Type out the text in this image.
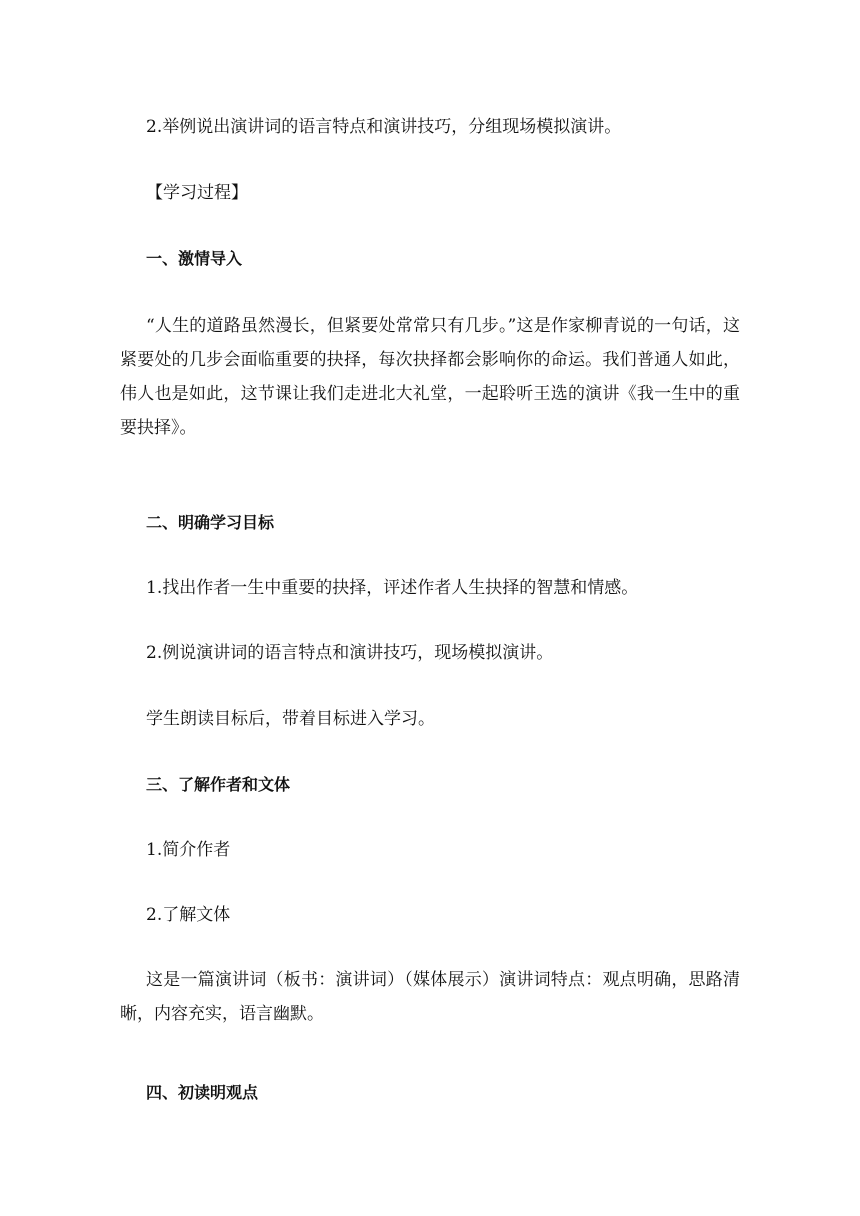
2.举例说出演讲词的语言特点和演讲技巧，分组现场模拟演讲。
【学习过程】
一、激情导入

“人生的道路虽然漫长，但紧要处常常只有几步。”这是作家柳青说的一句话，这紧要处的几步会面临重要的抉择，每次抉择都会影响你的命运。我们普通人如此，伟人也是如此，这节课让我们走进北大礼堂，一起聆听王选的演讲《我一生中的重要抉择》。

二、明确学习目标
1.找出作者一生中重要的抉择，评述作者人生抉择的智慧和情感。
2.例说演讲词的语言特点和演讲技巧，现场模拟演讲。
学生朗读目标后，带着目标进入学习。
三、了解作者和文体
1.简介作者
2.了解文体

这是一篇演讲词（板书：演讲词）（媒体展示）演讲词特点：观点明确，思路清晰，内容充实，语言幽默。

四、初读明观点
